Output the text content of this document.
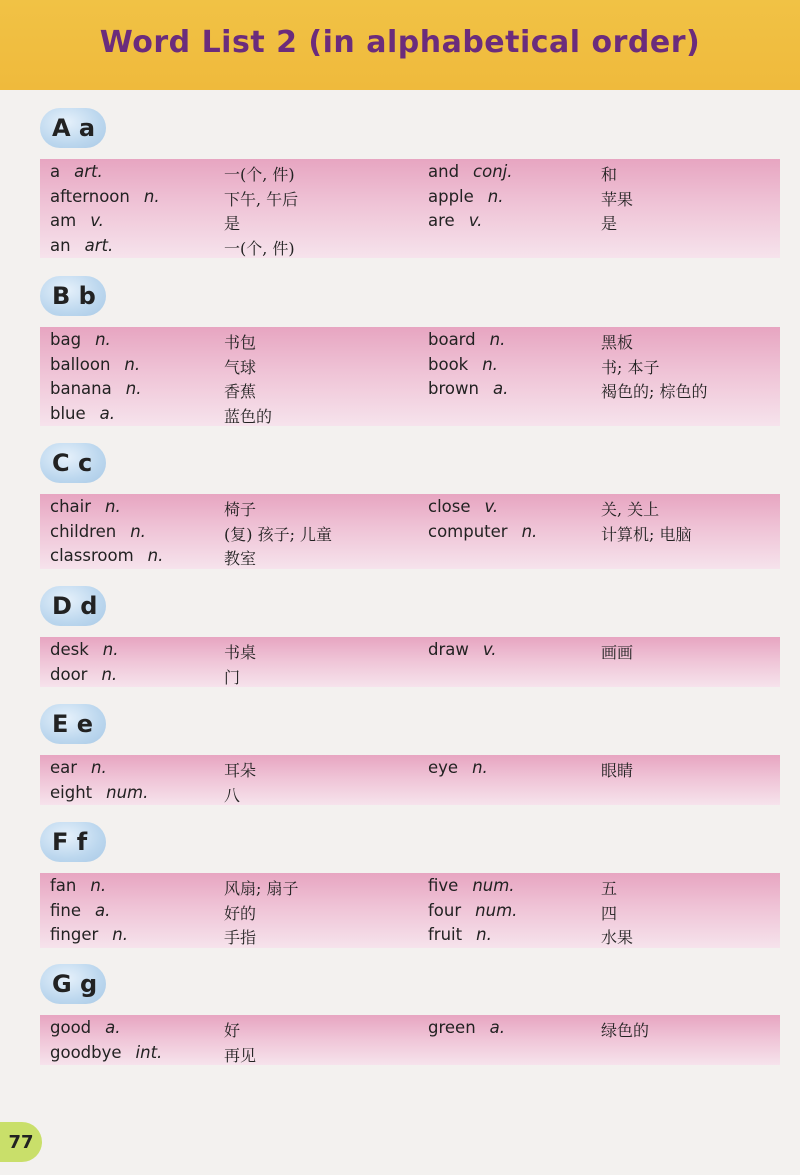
Word List 2 (in alphabetical order)
A a
a art.	一(个, 件)	and conj.	和
afternoon n.	下午, 午后	apple n.	苹果
am v.	是	are v.	是
an art.	一(个, 件)
B b
bag n.	书包	board n.	黑板
balloon n.	气球	book n.	书; 本子
banana n.	香蕉	brown a.	褐色的; 棕色的
blue a.	蓝色的
C c
chair n.	椅子	close v.	关, 关上
children n.	(复) 孩子; 儿童	computer n.	计算机; 电脑
classroom n.	教室
D d
desk n.	书桌	draw v.	画画
door n.	门
E e
ear n.	耳朵	eye n.	眼睛
eight num.	八
F f
fan n.	风扇; 扇子	five num.	五
fine a.	好的	four num.	四
finger n.	手指	fruit n.	水果
G g
good a.	好	green a.	绿色的
goodbye int.	再见
77
